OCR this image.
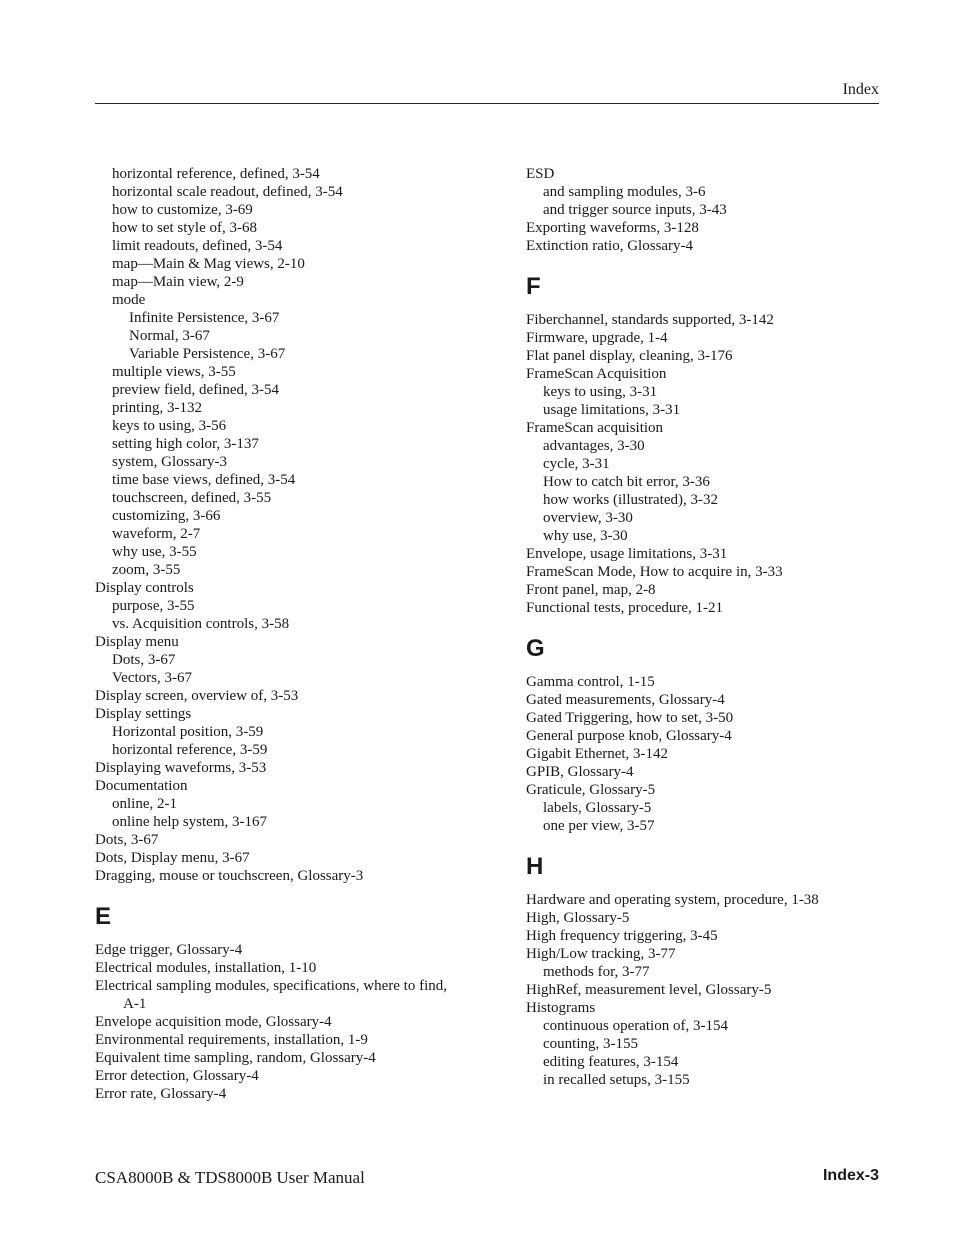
Index
horizontal reference, defined, 3-54
horizontal scale readout, defined, 3-54
how to customize, 3-69
how to set style of, 3-68
limit readouts, defined, 3-54
map—Main & Mag views, 2-10
map—Main view, 2-9
mode
Infinite Persistence, 3-67
Normal, 3-67
Variable Persistence, 3-67
multiple views, 3-55
preview field, defined, 3-54
printing, 3-132
keys to using, 3-56
setting high color, 3-137
system, Glossary-3
time base views, defined, 3-54
touchscreen, defined, 3-55
customizing, 3-66
waveform, 2-7
why use, 3-55
zoom, 3-55
Display controls
purpose, 3-55
vs. Acquisition controls, 3-58
Display menu
Dots, 3-67
Vectors, 3-67
Display screen, overview of, 3-53
Display settings
Horizontal position, 3-59
horizontal reference, 3-59
Displaying waveforms, 3-53
Documentation
online, 2-1
online help system, 3-167
Dots, 3-67
Dots, Display menu, 3-67
Dragging, mouse or touchscreen, Glossary-3
E
Edge trigger, Glossary-4
Electrical modules, installation, 1-10
Electrical sampling modules, specifications, where to find, A-1
Envelope acquisition mode, Glossary-4
Environmental requirements, installation, 1-9
Equivalent time sampling, random, Glossary-4
Error detection, Glossary-4
Error rate, Glossary-4
ESD
and sampling modules, 3-6
and trigger source inputs, 3-43
Exporting waveforms, 3-128
Extinction ratio, Glossary-4
F
Fiberchannel, standards supported, 3-142
Firmware, upgrade, 1-4
Flat panel display, cleaning, 3-176
FrameScan Acquisition
keys to using, 3-31
usage limitations, 3-31
FrameScan acquisition
advantages, 3-30
cycle, 3-31
How to catch bit error, 3-36
how works (illustrated), 3-32
overview, 3-30
why use, 3-30
Envelope, usage limitations, 3-31
FrameScan Mode, How to acquire in, 3-33
Front panel, map, 2-8
Functional tests, procedure, 1-21
G
Gamma control, 1-15
Gated measurements, Glossary-4
Gated Triggering, how to set, 3-50
General purpose knob, Glossary-4
Gigabit Ethernet, 3-142
GPIB, Glossary-4
Graticule, Glossary-5
labels, Glossary-5
one per view, 3-57
H
Hardware and operating system, procedure, 1-38
High, Glossary-5
High frequency triggering, 3-45
High/Low tracking, 3-77
methods for, 3-77
HighRef, measurement level, Glossary-5
Histograms
continuous operation of, 3-154
counting, 3-155
editing features, 3-154
in recalled setups, 3-155
CSA8000B & TDS8000B User Manual	Index-3
